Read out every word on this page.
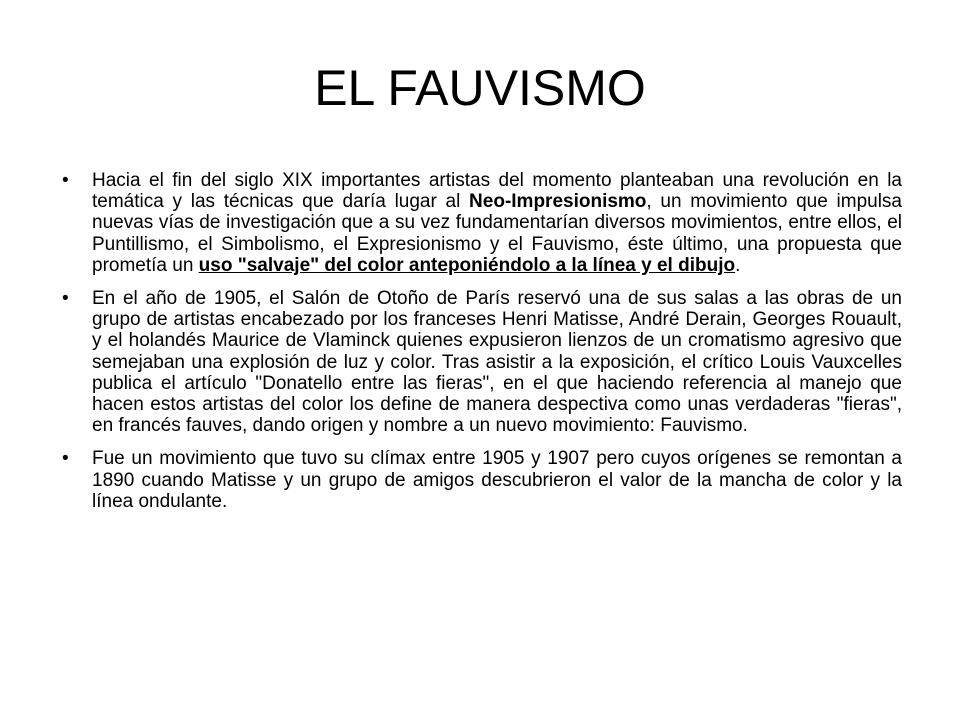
EL FAUVISMO
•	Hacia el fin del siglo XIX importantes artistas del momento planteaban una revolución en la temática y las técnicas que daría lugar al Neo-Impresionismo, un movimiento que impulsa nuevas vías de investigación que a su vez fundamentarían diversos movimientos, entre ellos, el Puntillismo, el Simbolismo, el Expresionismo y el Fauvismo, éste último, una propuesta que prometía un uso "salvaje" del color anteponiéndolo a la línea y el dibujo.
•	En el año de 1905, el Salón de Otoño de París reservó una de sus salas a las obras de un grupo de artistas encabezado por los franceses Henri Matisse, André Derain, Georges Rouault, y el holandés Maurice de Vlaminck quienes expusieron lienzos de un cromatismo agresivo que semejaban una explosión de luz y color. Tras asistir a la exposición, el crítico Louis Vauxcelles publica el artículo "Donatello entre las fieras", en el que haciendo referencia al manejo que hacen estos artistas del color los define de manera despectiva como unas verdaderas "fieras", en francés fauves, dando origen y nombre a un nuevo movimiento: Fauvismo.
•	Fue un movimiento que tuvo su clímax entre 1905 y 1907 pero cuyos orígenes se remontan a 1890 cuando Matisse y un grupo de amigos descubrieron el valor de la mancha de color y la línea ondulante.
